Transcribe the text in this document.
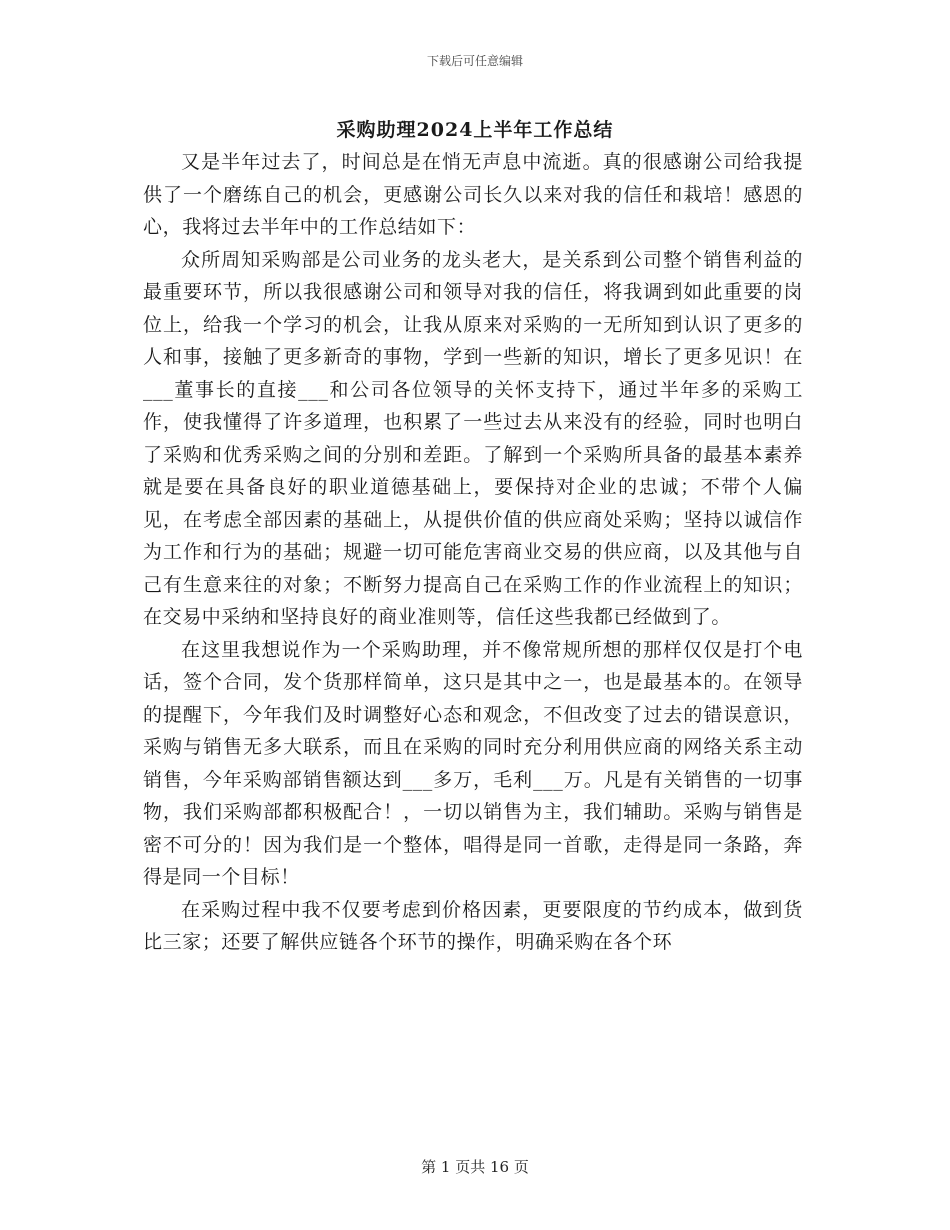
下载后可任意编辑
采购助理2024上半年工作总结

又是半年过去了，时间总是在悄无声息中流逝。真的很感谢公司给我提供了一个磨练自己的机会，更感谢公司长久以来对我的信任和栽培！感恩的心，我将过去半年中的工作总结如下：

众所周知采购部是公司业务的龙头老大，是关系到公司整个销售利益的最重要环节，所以我很感谢公司和领导对我的信任，将我调到如此重要的岗位上，给我一个学习的机会，让我从原来对采购的一无所知到认识了更多的人和事，接触了更多新奇的事物，学到一些新的知识，增长了更多见识！在___董事长的直接___和公司各位领导的关怀支持下，通过半年多的采购工作，使我懂得了许多道理，也积累了一些过去从来没有的经验，同时也明白了采购和优秀采购之间的分别和差距。了解到一个采购所具备的最基本素养就是要在具备良好的职业道德基础上，要保持对企业的忠诚；不带个人偏见，在考虑全部因素的基础上，从提供价值的供应商处采购；坚持以诚信作为工作和行为的基础；规避一切可能危害商业交易的供应商，以及其他与自己有生意来往的对象；不断努力提高自己在采购工作的作业流程上的知识；在交易中采纳和坚持良好的商业准则等，信任这些我都已经做到了。

在这里我想说作为一个采购助理，并不像常规所想的那样仅仅是打个电话，签个合同，发个货那样简单，这只是其中之一，也是最基本的。在领导的提醒下，今年我们及时调整好心态和观念，不但改变了过去的错误意识，采购与销售无多大联系，而且在采购的同时充分利用供应商的网络关系主动销售，今年采购部销售额达到___多万，毛利___万。凡是有关销售的一切事物，我们采购部都积极配合！，一切以销售为主，我们辅助。采购与销售是密不可分的！因为我们是一个整体，唱得是同一首歌，走得是同一条路，奔得是同一个目标！

在采购过程中我不仅要考虑到价格因素，更要限度的节约成本，做到货比三家；还要了解供应链各个环节的操作，明确采购在各个环

第 1 页共 16 页
